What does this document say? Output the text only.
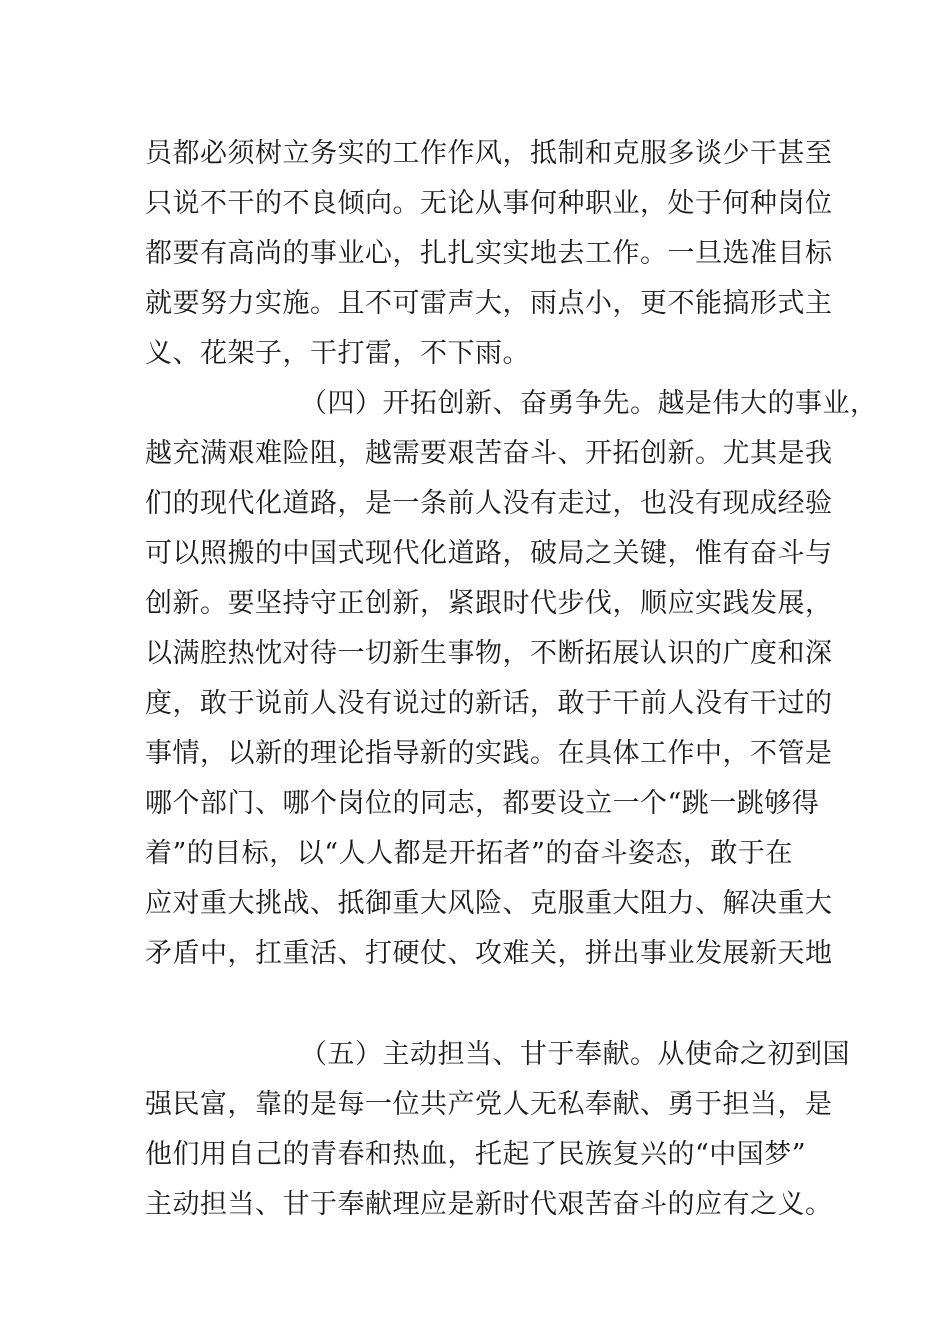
员都必须树立务实的工作作风，抵制和克服多谈少干甚至
只说不干的不良倾向。无论从事何种职业，处于何种岗位
都要有高尚的事业心，扎扎实实地去工作。一旦选准目标
就要努力实施。且不可雷声大，雨点小，更不能搞形式主
义、花架子，干打雷，不下雨。
（四）开拓创新、奋勇争先。越是伟大的事业，
越充满艰难险阻，越需要艰苦奋斗、开拓创新。尤其是我
们的现代化道路，是一条前人没有走过，也没有现成经验
可以照搬的中国式现代化道路，破局之关键，惟有奋斗与
创新。要坚持守正创新，紧跟时代步伐，顺应实践发展，
以满腔热忱对待一切新生事物，不断拓展认识的广度和深
度，敢于说前人没有说过的新话，敢于干前人没有干过的
事情，以新的理论指导新的实践。在具体工作中，不管是
哪个部门、哪个岗位的同志，都要设立一个“跳一跳够得
着”的目标，以“人人都是开拓者”的奋斗姿态，敢于在
应对重大挑战、抵御重大风险、克服重大阻力、解决重大
矛盾中，扛重活、打硬仗、攻难关，拼出事业发展新天地
（五）主动担当、甘于奉献。从使命之初到国
强民富，靠的是每一位共产党人无私奉献、勇于担当，是
他们用自己的青春和热血，托起了民族复兴的“中国梦”
主动担当、甘于奉献理应是新时代艰苦奋斗的应有之义。
